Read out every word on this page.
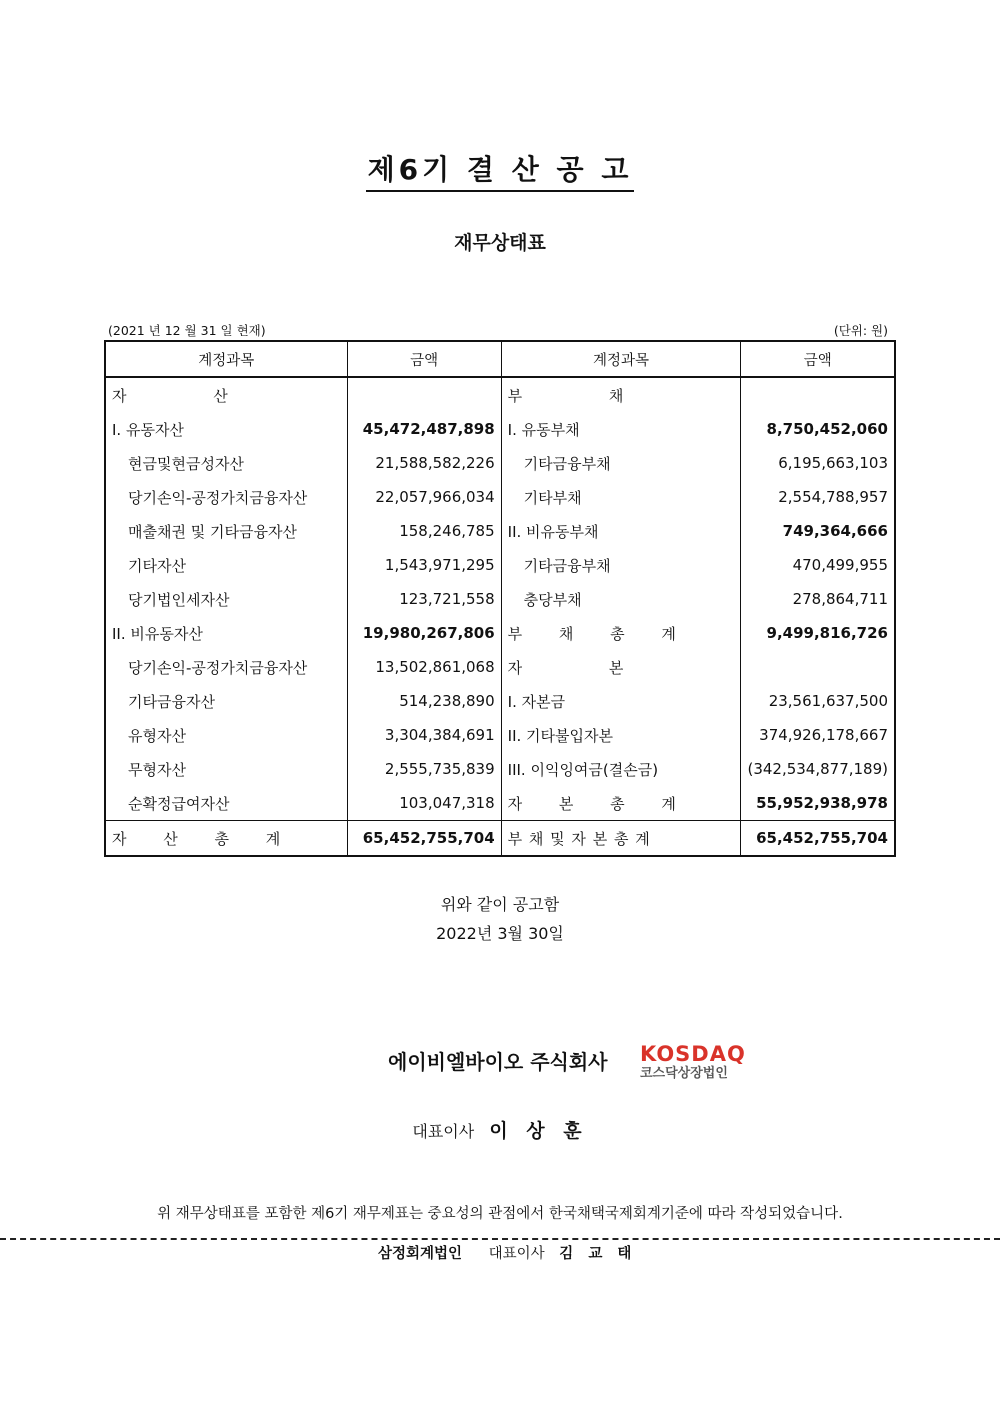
제6기 결 산 공 고
재무상태표
(2021 년 12 월 31 일 현재)	(단위: 원)
계정과목	금액	계정과목	금액
자 산		부 채	
I. 유동자산	45,472,487,898	I. 유동부채	8,750,452,060
현금및현금성자산	21,588,582,226	기타금융부채	6,195,663,103
당기손익-공정가치금융자산	22,057,966,034	기타부채	2,554,788,957
매출채권 및 기타금융자산	158,246,785	II. 비유동부채	749,364,666
기타자산	1,543,971,295	기타금융부채	470,499,955
당기법인세자산	123,721,558	충당부채	278,864,711
II. 비유동자산	19,980,267,806	부 채 총 계	9,499,816,726
당기손익-공정가치금융자산	13,502,861,068	자 본	
기타금융자산	514,238,890	I. 자본금	23,561,637,500
유형자산	3,304,384,691	II. 기타불입자본	374,926,178,667
무형자산	2,555,735,839	III. 이익잉여금(결손금)	(342,534,877,189)
순확정급여자산	103,047,318	자 본 총 계	55,952,938,978
자 산 총 계	65,452,755,704	부 채 및 자 본 총 계	65,452,755,704
위와 같이 공고함
2022년 3월 30일
에이비엘바이오 주식회사 KOSDAQ
코스닥상장법인
대표이사 이 상 훈
위 재무상태표를 포함한 제6기 재무제표는 중요성의 관점에서 한국채택국제회계기준에 따라 작성되었습니다.
삼정회계법인 대표이사 김 교 태
